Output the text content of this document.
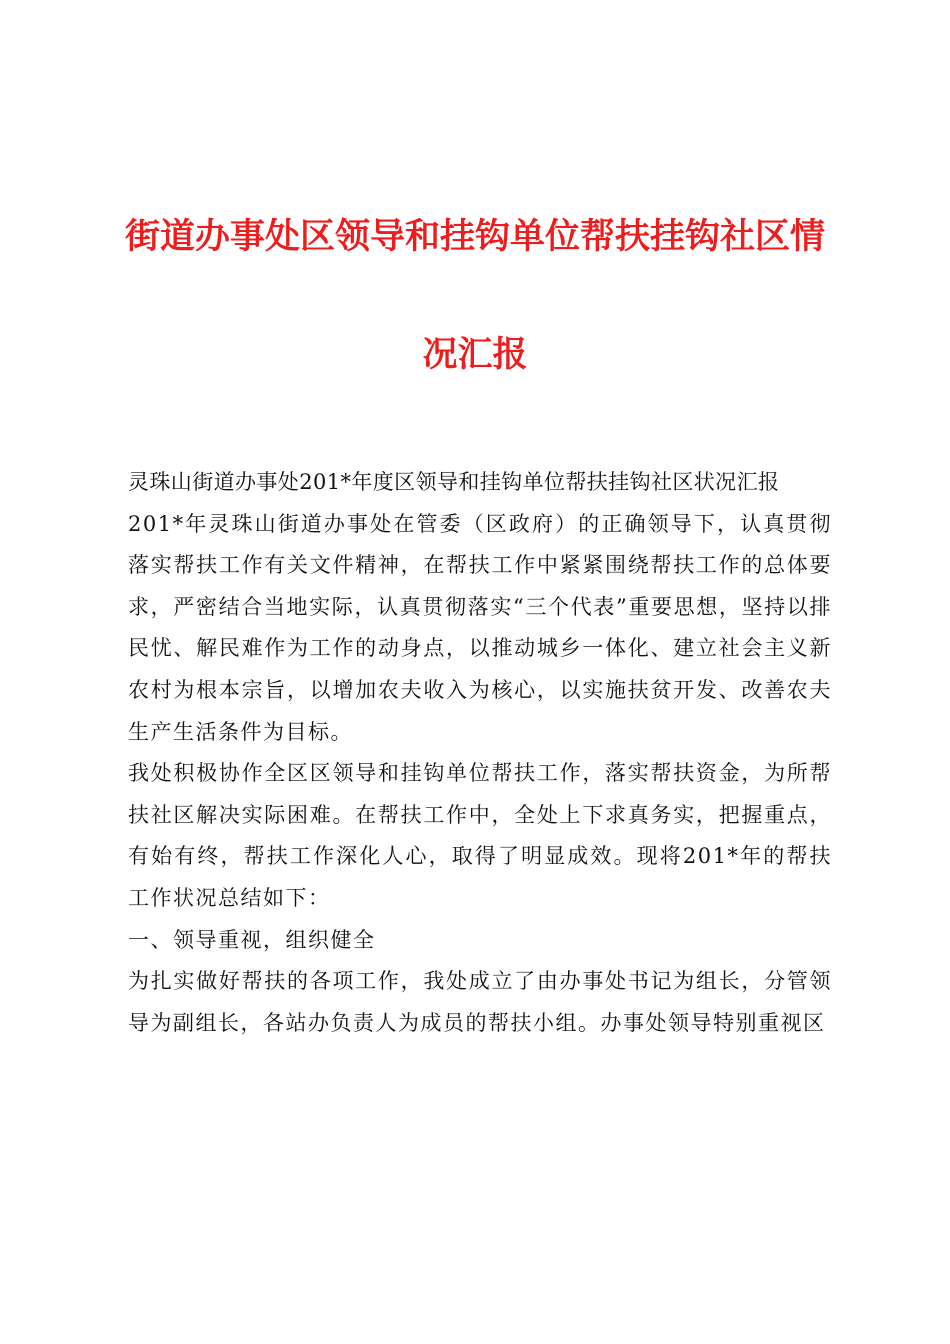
街道办事处区领导和挂钩单位帮扶挂钩社区情
况汇报

灵珠山街道办事处201*年度区领导和挂钩单位帮扶挂钩社区状况汇报

201*年灵珠山街道办事处在管委（区政府）的正确领导下，认真贯彻落实帮扶工作有关文件精神，在帮扶工作中紧紧围绕帮扶工作的总体要求，严密结合当地实际，认真贯彻落实“三个代表”重要思想，坚持以排民忧、解民难作为工作的动身点，以推动城乡一体化、建立社会主义新农村为根本宗旨，以增加农夫收入为核心，以实施扶贫开发、改善农夫生产生活条件为目标。

我处积极协作全区区领导和挂钩单位帮扶工作，落实帮扶资金，为所帮扶社区解决实际困难。在帮扶工作中，全处上下求真务实，把握重点，有始有终，帮扶工作深化人心，取得了明显成效。现将201*年的帮扶工作状况总结如下：

一、领导重视，组织健全

为扎实做好帮扶的各项工作，我处成立了由办事处书记为组长，分管领导为副组长，各站办负责人为成员的帮扶小组。办事处领导特别重视区
